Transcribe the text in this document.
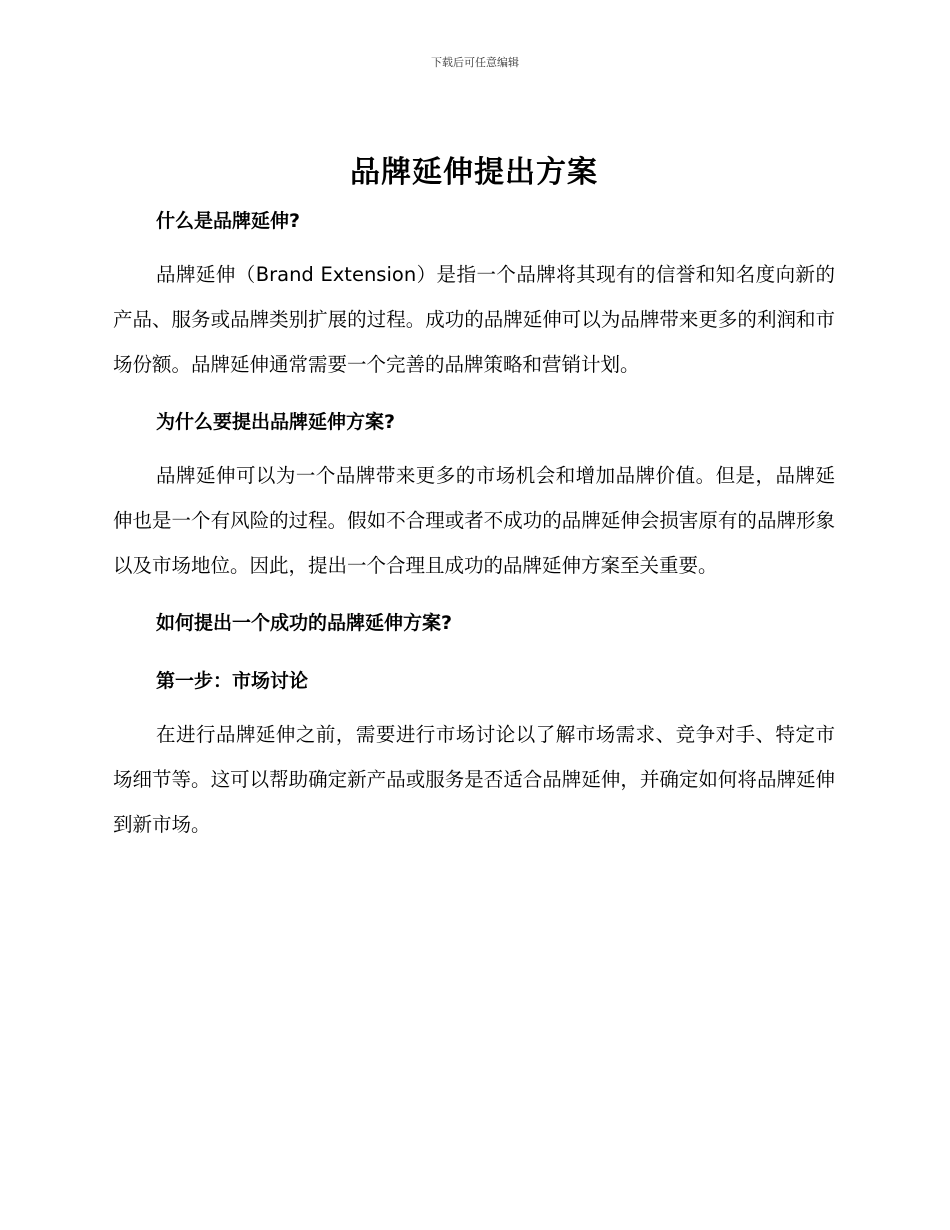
下载后可任意编辑
品牌延伸提出方案
什么是品牌延伸?

品牌延伸（Brand Extension）是指一个品牌将其现有的信誉和知名度向新的产品、服务或品牌类别扩展的过程。成功的品牌延伸可以为品牌带来更多的利润和市场份额。品牌延伸通常需要一个完善的品牌策略和营销计划。

为什么要提出品牌延伸方案?

品牌延伸可以为一个品牌带来更多的市场机会和增加品牌价值。但是，品牌延伸也是一个有风险的过程。假如不合理或者不成功的品牌延伸会损害原有的品牌形象以及市场地位。因此，提出一个合理且成功的品牌延伸方案至关重要。

如何提出一个成功的品牌延伸方案?
第一步：市场讨论

在进行品牌延伸之前，需要进行市场讨论以了解市场需求、竞争对手、特定市场细节等。这可以帮助确定新产品或服务是否适合品牌延伸，并确定如何将品牌延伸到新市场。
